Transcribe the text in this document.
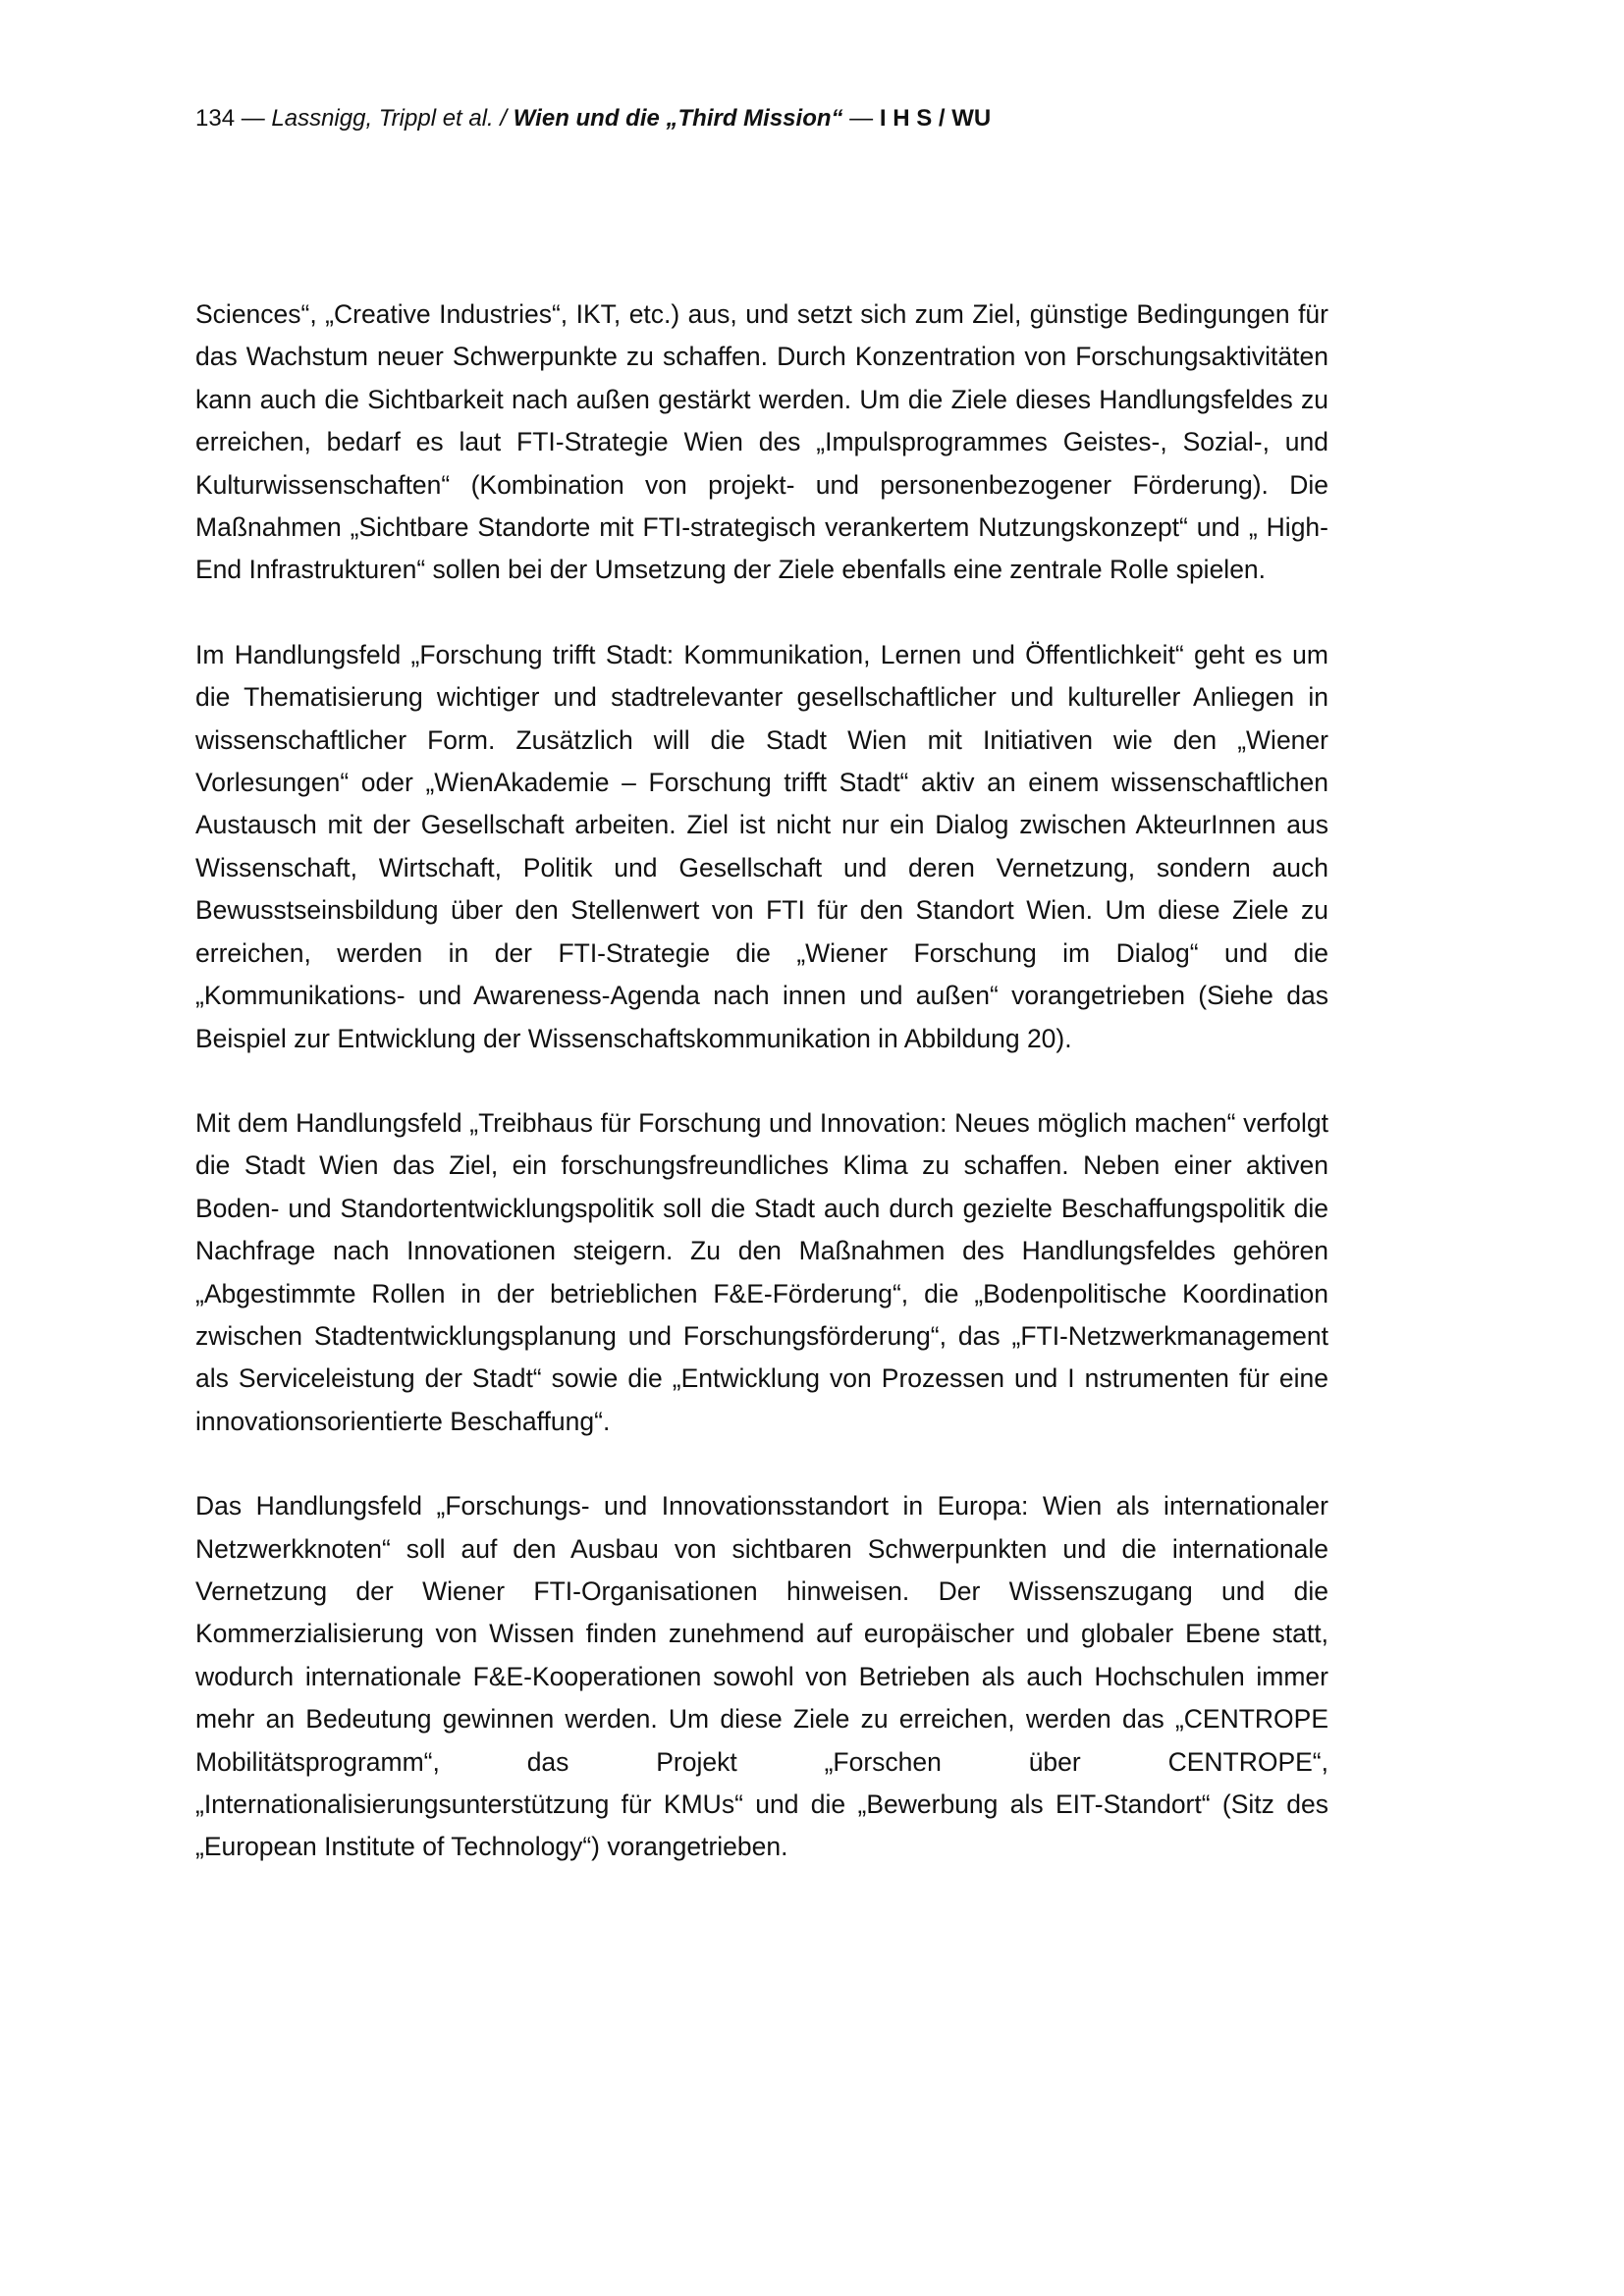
134 — Lassnigg, Trippl et al. / Wien und die „Third Mission“ — I H S / WU

Sciences“, „Creative Industries“, IKT, etc.) aus, und setzt sich zum Ziel, günstige Bedingungen für das Wachstum neuer Schwerpunkte zu schaffen. Durch Konzentration von Forschungsaktivitäten kann auch die Sichtbarkeit nach außen gestärkt werden. Um die Ziele dieses Handlungsfeldes zu erreichen, bedarf es laut FTI-Strategie Wien des „Impulsprogrammes Geistes-, Sozial-, und Kulturwissenschaften“ (Kombination von projekt- und personenbezogener Förderung). Die Maßnahmen „Sichtbare Standorte mit FTI-strategisch verankertem Nutzungskonzept“ und „ High-End Infrastrukturen“ sollen bei der Umsetzung der Ziele ebenfalls eine zentrale Rolle spielen.

Im Handlungsfeld „Forschung trifft Stadt: Kommunikation, Lernen und Öffentlichkeit“ geht es um die Thematisierung wichtiger und stadtrelevanter gesellschaftlicher und kultureller Anliegen in wissenschaftlicher Form. Zusätzlich will die Stadt Wien mit Initiativen wie den „Wiener Vorlesungen“ oder „WienAkademie – Forschung trifft Stadt“ aktiv an einem wissenschaftlichen Austausch mit der Gesellschaft arbeiten. Ziel ist nicht nur ein Dialog zwischen AkteurInnen aus Wissenschaft, Wirtschaft, Politik und Gesellschaft und deren Vernetzung, sondern auch Bewusstseinsbildung über den Stellenwert von FTI für den Standort Wien. Um diese Ziele zu erreichen, werden in der FTI-Strategie die „Wiener Forschung im Dialog“ und die „Kommunikations- und Awareness-Agenda nach innen und außen“ vorangetrieben (Siehe das Beispiel zur Entwicklung der Wissenschaftskommunikation in Abbildung 20).

Mit dem Handlungsfeld „Treibhaus für Forschung und Innovation: Neues möglich machen“ verfolgt die Stadt Wien das Ziel, ein forschungsfreundliches Klima zu schaffen. Neben einer aktiven Boden- und Standortentwicklungspolitik soll die Stadt auch durch gezielte Beschaffungspolitik die Nachfrage nach Innovationen steigern. Zu den Maßnahmen des Handlungsfeldes gehören „Abgestimmte Rollen in der betrieblichen F&E-Förderung“, die „Bodenpolitische Koordination zwischen Stadtentwicklungsplanung und Forschungsförderung“, das „FTI-Netzwerkmanagement als Serviceleistung der Stadt“ sowie die „Entwicklung von Prozessen und I nstrumenten für eine innovationsorientierte Beschaffung“.

Das Handlungsfeld „Forschungs- und Innovationsstandort in Europa: Wien als internationaler Netzwerkknoten“ soll auf den Ausbau von sichtbaren Schwerpunkten und die internationale Vernetzung der Wiener FTI-Organisationen hinweisen. Der Wissenszugang und die Kommerzialisierung von Wissen finden zunehmend auf europäischer und globaler Ebene statt, wodurch internationale F&E-Kooperationen sowohl von Betrieben als auch Hochschulen immer mehr an Bedeutung gewinnen werden. Um diese Ziele zu erreichen, werden das „CENTROPE Mobilitätsprogramm“, das Projekt „Forschen über CENTROPE“, „Internationalisierungsunterstützung für KMUs“ und die „Bewerbung als EIT-Standort“ (Sitz des „European Institute of Technology“) vorangetrieben.
